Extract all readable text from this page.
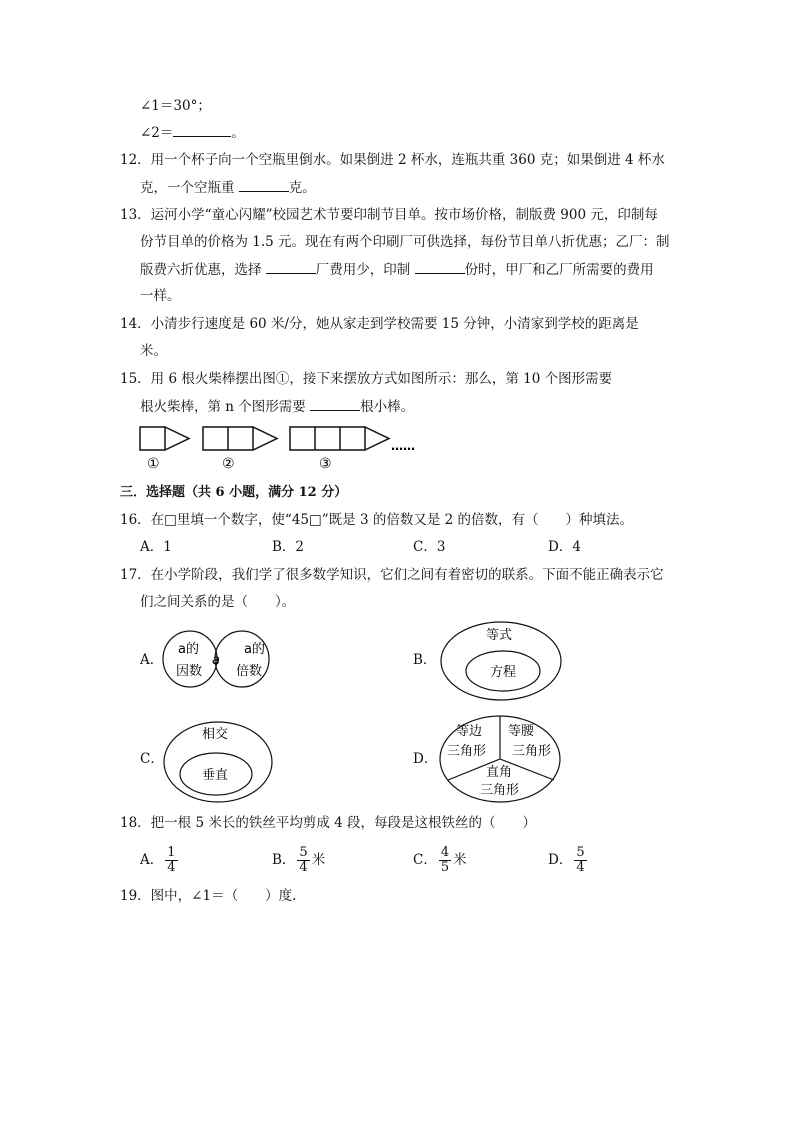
∠1＝30°；
∠2＝	。
12．用一个杯子向一个空瓶里倒水。如果倒进 2 杯水，连瓶共重 360 克；如果倒进 4 杯水
克，一个空瓶重	克。
13．运河小学“童心闪耀”校园艺术节要印制节目单。按市场价格，制版费 900 元，印制每
份节目单的价格为 1.5 元。现在有两个印刷厂可供选择，每份节目单八折优惠；乙厂：制
版费六折优惠，选择	厂费用少，印制	份时，甲厂和乙厂所需要的费用
一样。
14．小清步行速度是 60 米/分，她从家走到学校需要 15 分钟，小清家到学校的距离是
米。
15．用 6 根火柴棒摆出图①，接下来摆放方式如图所示：那么，第 10 个图形需要
根火柴棒，第 n 个图形需要	根小棒。
①	②	③
……
三．选择题（共 6 小题，满分 12 分）
16．在□里填一个数字，使“45□”既是 3 的倍数又是 2 的倍数，有（　　）种填法。
A．1	B．2	C．3	D．4
17．在小学阶段，我们学了很多数学知识，它们之间有着密切的联系。下面不能正确表示它
们之间关系的是（　　）。
A．
a的
因数
a
a的
倍数
B．
等式
方程
C．
相交
垂直
D．
等边
三角形
等腰
三角形
直角
三角形
18．把一根 5 米长的铁丝平均剪成 4 段，每段是这根铁丝的（　　）
A． $\frac{1}{4}$	B． $\frac{5}{4}$ 米	C． $\frac{4}{5}$ 米	D． $\frac{5}{4}$
19．图中，∠1＝（　　）度.
